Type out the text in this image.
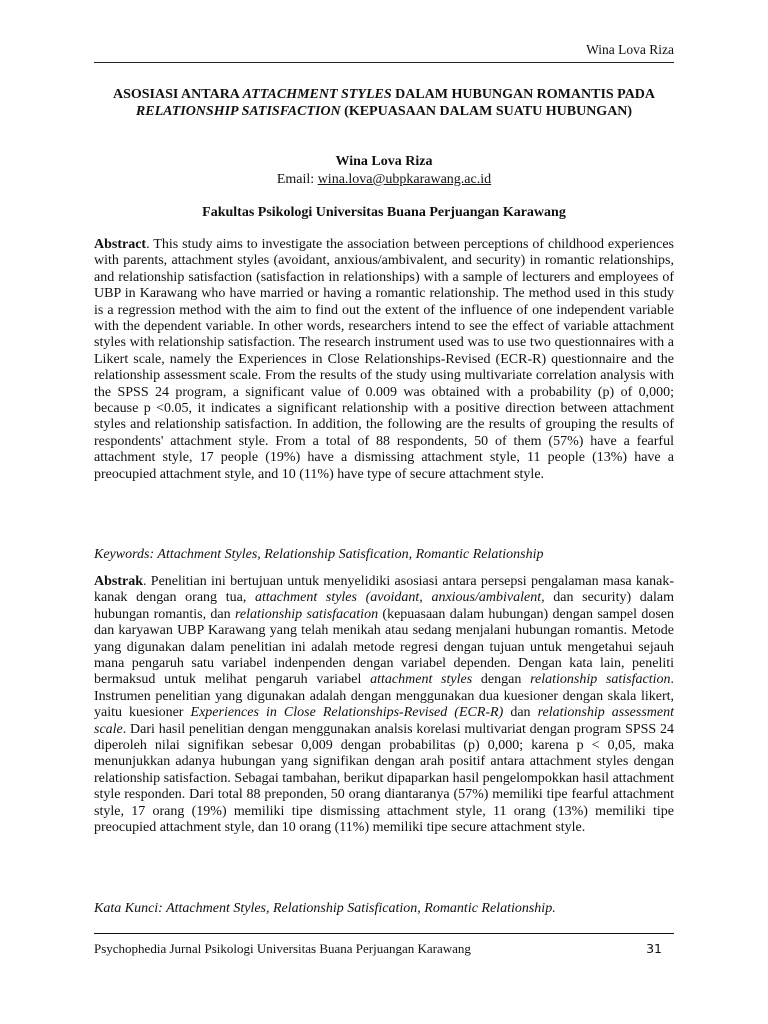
Wina Lova Riza
ASOSIASI ANTARA ATTACHMENT STYLES DALAM HUBUNGAN ROMANTIS PADA RELATIONSHIP SATISFACTION (KEPUASAAN DALAM SUATU HUBUNGAN)
Wina Lova Riza
Email: wina.lova@ubpkarawang.ac.id
Fakultas Psikologi Universitas Buana Perjuangan Karawang
Abstract. This study aims to investigate the association between perceptions of childhood experiences with parents, attachment styles (avoidant, anxious/ambivalent, and security) in romantic relationships, and relationship satisfaction (satisfaction in relationships) with a sample of lecturers and employees of UBP in Karawang who have married or having a romantic relationship. The method used in this study is a regression method with the aim to find out the extent of the influence of one independent variable with the dependent variable. In other words, researchers intend to see the effect of variable attachment styles with relationship satisfaction. The research instrument used was to use two questionnaires with a Likert scale, namely the Experiences in Close Relationships-Revised (ECR-R) questionnaire and the relationship assessment scale. From the results of the study using multivariate correlation analysis with the SPSS 24 program, a significant value of 0.009 was obtained with a probability (p) of 0,000; because p <0.05, it indicates a significant relationship with a positive direction between attachment styles and relationship satisfaction. In addition, the following are the results of grouping the results of respondents' attachment style. From a total of 88 respondents, 50 of them (57%) have a fearful attachment style, 17 people (19%) have a dismissing attachment style, 11 people (13%) have a preocupied attachment style, and 10 (11%) have type of secure attachment style.
Keywords: Attachment Styles, Relationship Satisfication, Romantic Relationship
Abstrak. Penelitian ini bertujuan untuk menyelidiki asosiasi antara persepsi pengalaman masa kanak-kanak dengan orang tua, attachment styles (avoidant, anxious/ambivalent, dan security) dalam hubungan romantis, dan relationship satisfacation (kepuasaan dalam hubungan) dengan sampel dosen dan karyawan UBP Karawang yang telah menikah atau sedang menjalani hubungan romantis. Metode yang digunakan dalam penelitian ini adalah metode regresi dengan tujuan untuk mengetahui sejauh mana pengaruh satu variabel indenpenden dengan variabel dependen. Dengan kata lain, peneliti bermaksud untuk melihat pengaruh variabel attachment styles dengan relationship satisfaction. Instrumen penelitian yang digunakan adalah dengan menggunakan dua kuesioner dengan skala likert, yaitu kuesioner Experiences in Close Relationships-Revised (ECR-R) dan relationship assessment scale. Dari hasil penelitian dengan menggunakan analsis korelasi multivariat dengan program SPSS 24 diperoleh nilai signifikan sebesar 0,009 dengan probabilitas (p) 0,000; karena p < 0,05, maka menunjukkan adanya hubungan yang signifikan dengan arah positif antara attachment styles dengan relationship satisfaction. Sebagai tambahan, berikut dipaparkan hasil pengelompokkan hasil attachment style responden. Dari total 88 preponden, 50 orang diantaranya (57%) memiliki tipe fearful attachment style, 17 orang (19%) memiliki tipe dismissing attachment style, 11 orang (13%) memiliki tipe preocupied attachment style, dan 10 orang (11%) memiliki tipe secure attachment style.
Kata Kunci: Attachment Styles, Relationship Satisfication, Romantic Relationship.
Psychophedia Jurnal Psikologi Universitas Buana Perjuangan Karawang	31
